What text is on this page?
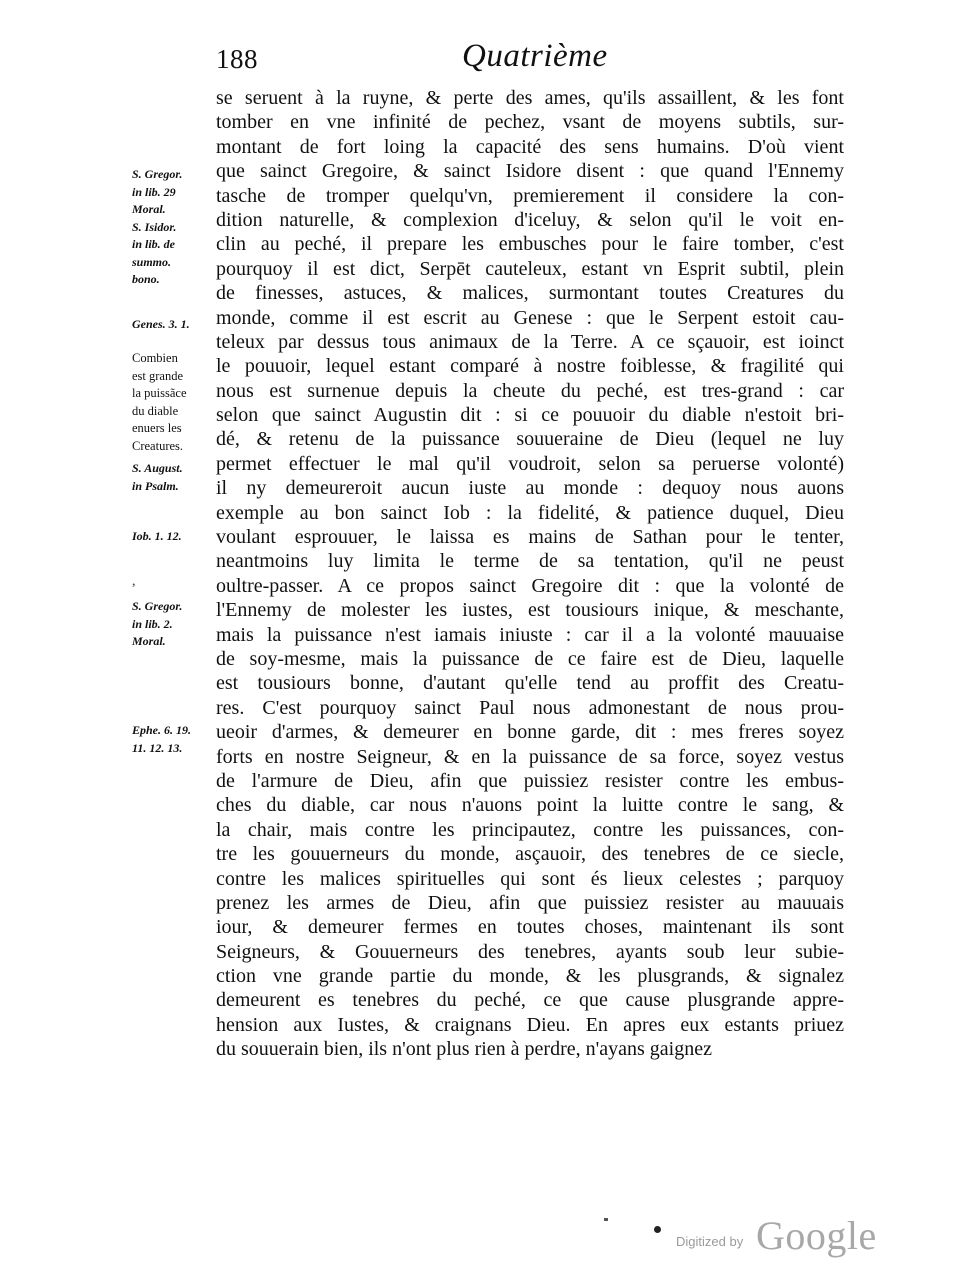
188	Quatrième
se seruent à la ruyne, & perte des ames, qu'ils assaillent, & les font
tomber en vne infinité de pechez, vsant de moyens subtils, sur-
montant de fort loing la capacité des sens humains. D'où vient
que sainct Gregoire, & sainct Isidore disent : que quand l'Ennemy
tasche de tromper quelqu'vn, premierement il considere la con-
dition naturelle, & complexion d'iceluy, & selon qu'il le voit en-
clin au peché, il prepare les embusches pour le faire tomber, c'est
pourquoy il est dict, Serpēt cauteleux, estant vn Esprit subtil, plein
de finesses, astuces, & malices, surmontant toutes Creatures du
monde, comme il est escrit au Genese : que le Serpent estoit cau-
teleux par dessus tous animaux de la Terre. A ce sçauoir, est ioinct
le pouuoir, lequel estant comparé à nostre foiblesse, & fragilité qui
nous est surnenue depuis la cheute du peché, est tres-grand : car
selon que sainct Augustin dit : si ce pouuoir du diable n'estoit bri-
dé, & retenu de la puissance souueraine de Dieu (lequel ne luy
permet effectuer le mal qu'il voudroit, selon sa peruerse volonté)
il ny demeureroit aucun iuste au monde : dequoy nous auons
exemple au bon sainct Iob : la fidelité, & patience duquel, Dieu
voulant esprouuer, le laissa es mains de Sathan pour le tenter,
neantmoins luy limita le terme de sa tentation, qu'il ne peust
oultre-passer. A ce propos sainct Gregoire dit : que la volonté de
l'Ennemy de molester les iustes, est tousiours inique, & meschante,
mais la puissance n'est iamais iniuste : car il a la volonté mauuaise
de soy-mesme, mais la puissance de ce faire est de Dieu, laquelle
est tousiours bonne, d'autant qu'elle tend au proffit des Creatu-
res. C'est pourquoy sainct Paul nous admonestant de nous prou-
ueoir d'armes, & demeurer en bonne garde, dit : mes freres soyez
forts en nostre Seigneur, & en la puissance de sa force, soyez vestus
de l'armure de Dieu, afin que puissiez resister contre les embus-
ches du diable, car nous n'auons point la luitte contre le sang, &
la chair, mais contre les principautez, contre les puissances, con-
tre les gouuerneurs du monde, asçauoir, des tenebres de ce siecle,
contre les malices spirituelles qui sont és lieux celestes ; parquoy
prenez les armes de Dieu, afin que puissiez resister au mauuais
iour, & demeurer fermes en toutes choses, maintenant ils sont
Seigneurs, & Gouuerneurs des tenebres, ayants soub leur subie-
ction vne grande partie du monde, & les plusgrands, & signalez
demeurent es tenebres du peché, ce que cause plusgrande appre-
hension aux Iustes, & craignans Dieu. En apres eux estants priuez
du souuerain bien, ils n'ont plus rien à perdre, n'ayans gaignez
S. Gregor.
in lib. 29
Moral.
S. Isidor.
in lib. de
summo.
bono.
Genes. 3. 1.
Combien
est grande
la puissãce
du diable
enuers les
Creatures.
S. August.
in Psalm.
Iob. 1. 12.
S. Gregor.
in lib. 2.
Moral.
Ephe. 6. 19.
11. 12. 13.
,
Digitized by Google
